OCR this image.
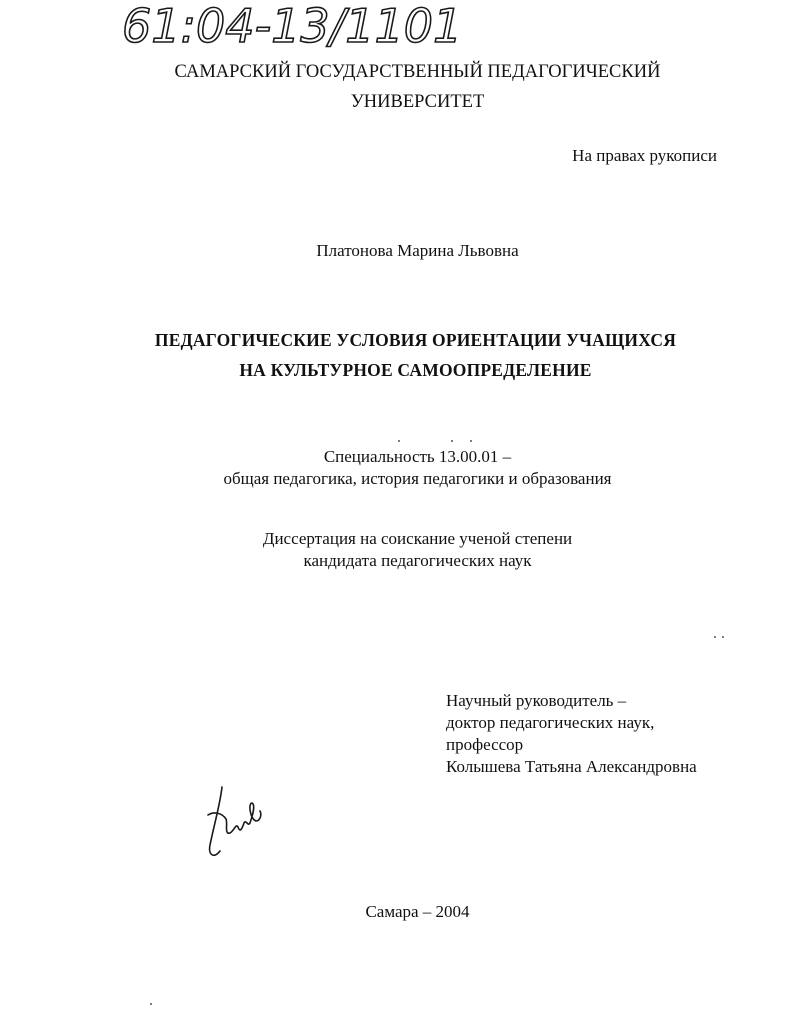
61:04-13/1101
САМАРСКИЙ ГОСУДАРСТВЕННЫЙ ПЕДАГОГИЧЕСКИЙ
УНИВЕРСИТЕТ
На правах рукописи
Платонова Марина Львовна
ПЕДАГОГИЧЕСКИЕ УСЛОВИЯ ОРИЕНТАЦИИ УЧАЩИХСЯ
НА КУЛЬТУРНОЕ САМООПРЕДЕЛЕНИЕ
Специальность 13.00.01 –
общая педагогика, история педагогики и образования
Диссертация на соискание ученой степени
кандидата педагогических наук
Научный руководитель –
доктор педагогических наук,
профессор
Колышева Татьяна Александровна
Самара – 2004
